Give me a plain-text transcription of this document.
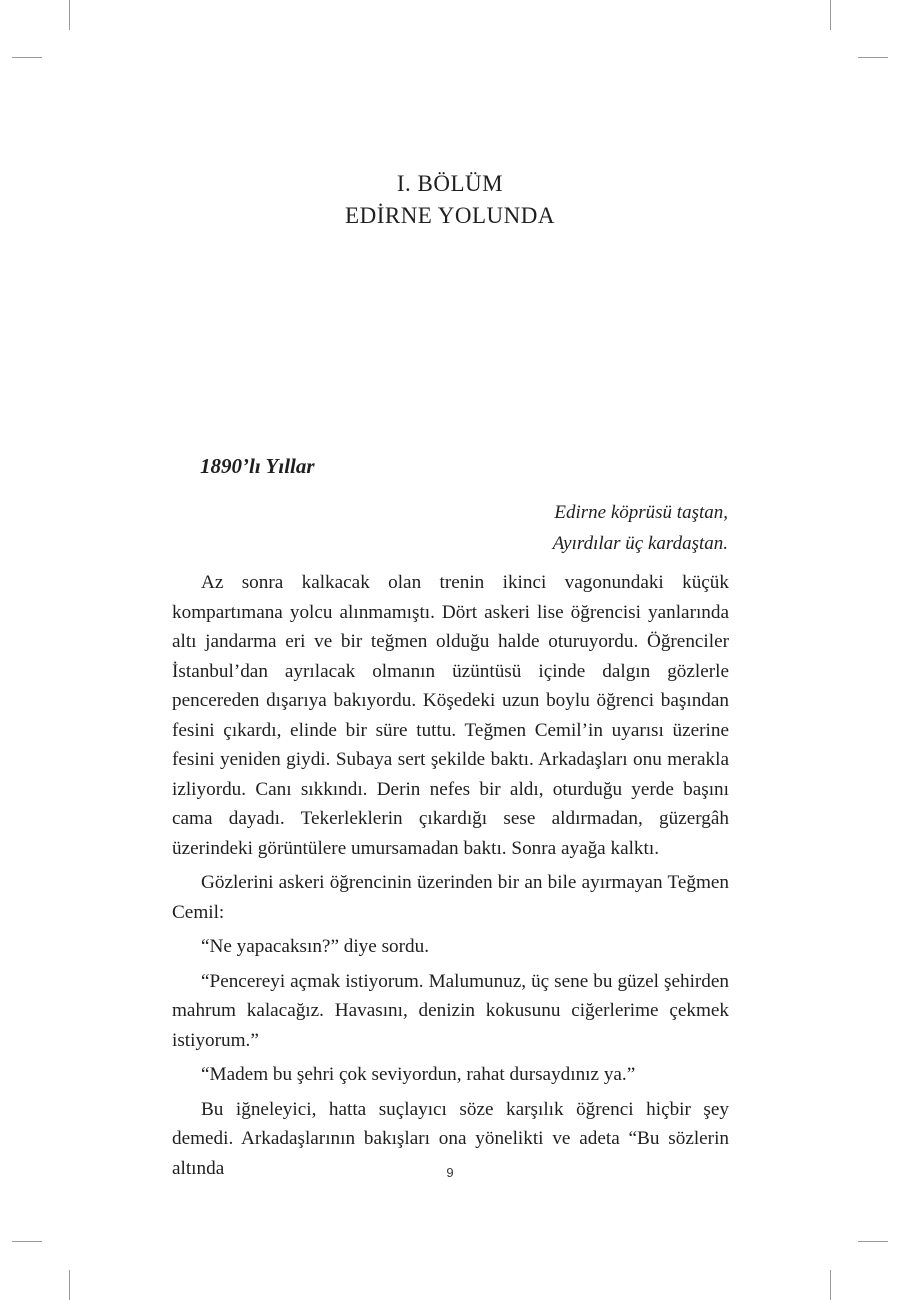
I. BÖLÜM
EDİRNE YOLUNDA
1890’lı Yıllar
Edirne köprüsü taştan,
Ayırdılar üç kardaştan.

Az sonra kalkacak olan trenin ikinci vagonundaki küçük kompartımana yolcu alınmamıştı. Dört askeri lise öğrencisi yanlarında altı jandarma eri ve bir teğmen olduğu halde oturuyordu. Öğrenciler İstanbul’dan ayrılacak olmanın üzüntüsü içinde dalgın gözlerle pencereden dışarıya bakıyordu. Köşedeki uzun boylu öğrenci başından fesini çıkardı, elinde bir süre tuttu. Teğmen Cemil’in uyarısı üzerine fesini yeniden giydi. Subaya sert şekilde baktı. Arkadaşları onu merakla izliyordu. Canı sıkkındı. Derin nefes bir aldı, oturduğu yerde başını cama dayadı. Tekerleklerin çıkardığı sese aldırmadan, güzergâh üzerindeki görüntülere umursamadan baktı. Sonra ayağa kalktı.

Gözlerini askeri öğrencinin üzerinden bir an bile ayırmayan Teğmen Cemil:

“Ne yapacaksın?” diye sordu.

“Pencereyi açmak istiyorum. Malumunuz, üç sene bu güzel şehirden mahrum kalacağız. Havasını, denizin kokusunu ciğerlerime çekmek istiyorum.”

“Madem bu şehri çok seviyordun, rahat dursaydınız ya.”

Bu iğneleyici, hatta suçlayıcı söze karşılık öğrenci hiçbir şey demedi. Arkadaşlarının bakışları ona yönelikti ve adeta “Bu sözlerin altında	9
